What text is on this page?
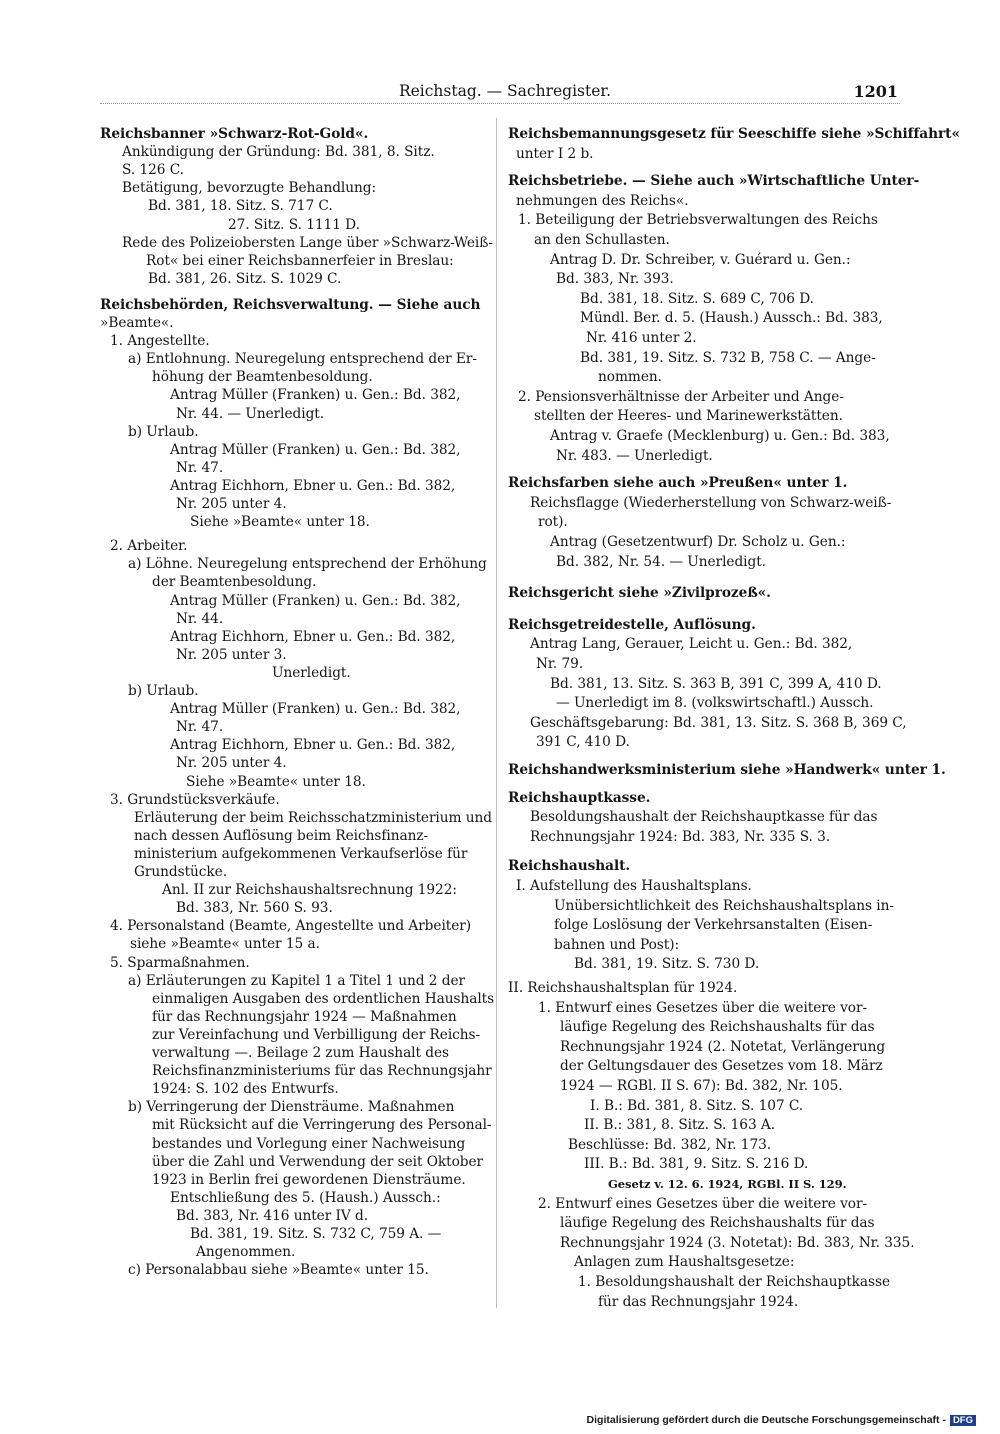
Reichstag. — Sachregister.	1201
Reichsbanner »Schwarz-Rot-Gold«.
Ankündigung der Gründung: Bd. 381, 8. Sitz.
S. 126 C.
Betätigung, bevorzugte Behandlung:
Bd. 381, 18. Sitz. S. 717 C.
27. Sitz. S. 1111 D.
Rede des Polizeiobersten Lange über »Schwarz-Weiß-
Rot« bei einer Reichsbannerfeier in Breslau:
Bd. 381, 26. Sitz. S. 1029 C.
Reichsbehörden, Reichsverwaltung. — Siehe auch
»Beamte«.
1. Angestellte.
a) Entlohnung. Neuregelung entsprechend der Er-
höhung der Beamtenbesoldung.
Antrag Müller (Franken) u. Gen.: Bd. 382,
Nr. 44. — Unerledigt.
b) Urlaub.
Antrag Müller (Franken) u. Gen.: Bd. 382,
Nr. 47.
Antrag Eichhorn, Ebner u. Gen.: Bd. 382,
Nr. 205 unter 4.
Siehe »Beamte« unter 18.
2. Arbeiter.
a) Löhne. Neuregelung entsprechend der Erhöhung
der Beamtenbesoldung.
Antrag Müller (Franken) u. Gen.: Bd. 382,
Nr. 44.
Antrag Eichhorn, Ebner u. Gen.: Bd. 382,
Nr. 205 unter 3.
Unerledigt.
b) Urlaub.
Antrag Müller (Franken) u. Gen.: Bd. 382,
Nr. 47.
Antrag Eichhorn, Ebner u. Gen.: Bd. 382,
Nr. 205 unter 4.
Siehe »Beamte« unter 18.
3. Grundstücksverkäufe.
Erläuterung der beim Reichsschatzministerium und
nach dessen Auflösung beim Reichsfinanz-
ministerium aufgekommenen Verkaufserlöse für
Grundstücke.
Anl. II zur Reichshaushaltsrechnung 1922:
Bd. 383, Nr. 560 S. 93.
4. Personalstand (Beamte, Angestellte und Arbeiter)
siehe »Beamte« unter 15 a.
5. Sparmaßnahmen.
a) Erläuterungen zu Kapitel 1 a Titel 1 und 2 der
einmaligen Ausgaben des ordentlichen Haushalts
für das Rechnungsjahr 1924 — Maßnahmen
zur Vereinfachung und Verbilligung der Reichs-
verwaltung —. Beilage 2 zum Haushalt des
Reichsfinanzministeriums für das Rechnungsjahr
1924: S. 102 des Entwurfs.
b) Verringerung der Diensträume. Maßnahmen
mit Rücksicht auf die Verringerung des Personal-
bestandes und Vorlegung einer Nachweisung
über die Zahl und Verwendung der seit Oktober
1923 in Berlin frei gewordenen Diensträume.
Entschließung des 5. (Haush.) Aussch.:
Bd. 383, Nr. 416 unter IV d.
Bd. 381, 19. Sitz. S. 732 C, 759 A. —
Angenommen.
c) Personalabbau siehe »Beamte« unter 15.
Reichsbemannungsgesetz für Seeschiffe siehe »Schiffahrt«
unter I 2 b.
Reichsbetriebe. — Siehe auch »Wirtschaftliche Unter-
nehmungen des Reichs«.
1. Beteiligung der Betriebsverwaltungen des Reichs
an den Schullasten.
Antrag D. Dr. Schreiber, v. Guérard u. Gen.:
Bd. 383, Nr. 393.
Bd. 381, 18. Sitz. S. 689 C, 706 D.
Mündl. Ber. d. 5. (Haush.) Aussch.: Bd. 383,
Nr. 416 unter 2.
Bd. 381, 19. Sitz. S. 732 B, 758 C. — Ange-
nommen.
2. Pensionsverhältnisse der Arbeiter und Ange-
stellten der Heeres- und Marinewerkstätten.
Antrag v. Graefe (Mecklenburg) u. Gen.: Bd. 383,
Nr. 483. — Unerledigt.
Reichsfarben siehe auch »Preußen« unter 1.
Reichsflagge (Wiederherstellung von Schwarz-weiß-
rot).
Antrag (Gesetzentwurf) Dr. Scholz u. Gen.:
Bd. 382, Nr. 54. — Unerledigt.
Reichsgericht siehe »Zivilprozeß«.
Reichsgetreidestelle, Auflösung.
Antrag Lang, Gerauer, Leicht u. Gen.: Bd. 382,
Nr. 79.
Bd. 381, 13. Sitz. S. 363 B, 391 C, 399 A, 410 D.
— Unerledigt im 8. (volkswirtschaftl.) Aussch.
Geschäftsgebarung: Bd. 381, 13. Sitz. S. 368 B, 369 C,
391 C, 410 D.
Reichshandwerksministerium siehe »Handwerk« unter 1.
Reichshauptkasse.
Besoldungshaushalt der Reichshauptkasse für das
Rechnungsjahr 1924: Bd. 383, Nr. 335 S. 3.
Reichshaushalt.
I. Aufstellung des Haushaltsplans.
Unübersichtlichkeit des Reichshaushaltsplans in-
folge Loslösung der Verkehrsanstalten (Eisen-
bahnen und Post):
Bd. 381, 19. Sitz. S. 730 D.
II. Reichshaushaltsplan für 1924.
1. Entwurf eines Gesetzes über die weitere vor-
läufige Regelung des Reichshaushalts für das
Rechnungsjahr 1924 (2. Notetat, Verlängerung
der Geltungsdauer des Gesetzes vom 18. März
1924 — RGBl. II S. 67): Bd. 382, Nr. 105.
I. B.: Bd. 381, 8. Sitz. S. 107 C.
II. B.: 381, 8. Sitz. S. 163 A.
Beschlüsse: Bd. 382, Nr. 173.
III. B.: Bd. 381, 9. Sitz. S. 216 D.
Gesetz v. 12. 6. 1924, RGBl. II S. 129.
2. Entwurf eines Gesetzes über die weitere vor-
läufige Regelung des Reichshaushalts für das
Rechnungsjahr 1924 (3. Notetat): Bd. 383, Nr. 335.
Anlagen zum Haushaltsgesetze:
1. Besoldungshaushalt der Reichshauptkasse
für das Rechnungsjahr 1924.
Digitalisierung gefördert durch die Deutsche Forschungsgemeinschaft - DFG
